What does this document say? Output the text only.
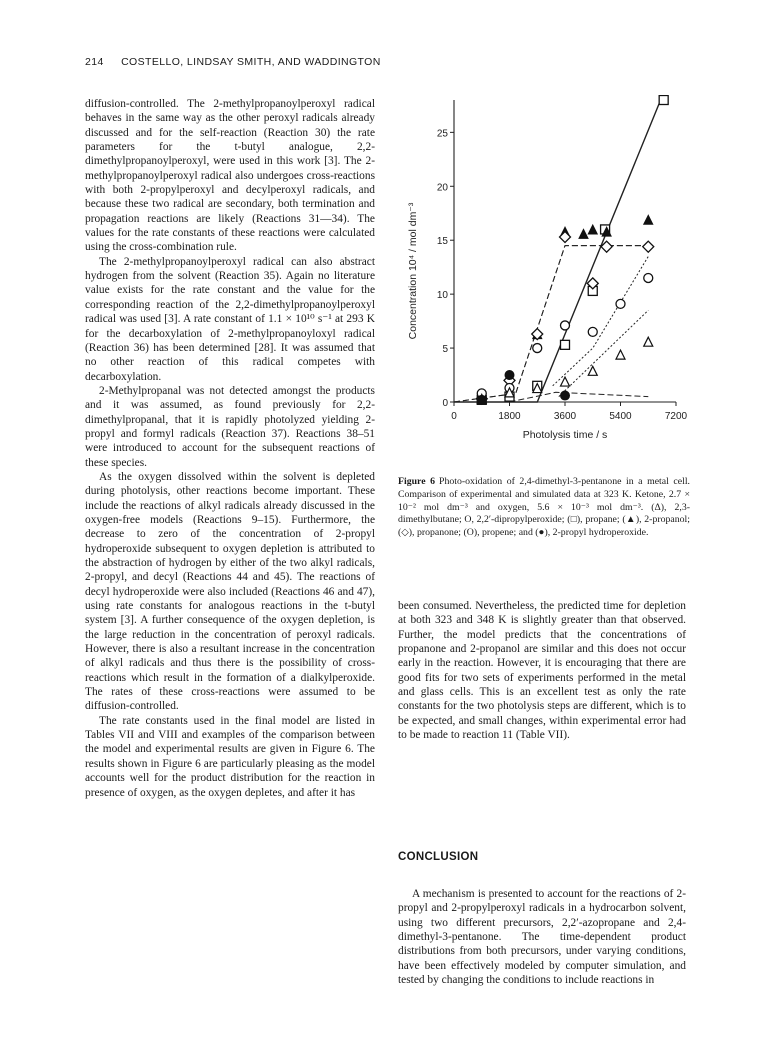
214 COSTELLO, LINDSAY SMITH, AND WADDINGTON

diffusion-controlled. The 2-methylpropanoylperoxyl radical behaves in the same way as the other peroxyl radicals already discussed and for the self-reaction (Reaction 30) the rate parameters for the t-butyl analogue, 2,2-dimethylpropanoylperoxyl, were used in this work [3]. The 2-methylpropanoylperoxyl radical also undergoes cross-reactions with both 2-propylperoxyl and decylperoxyl radicals, and because these two radical are secondary, both termination and propagation reactions are likely (Reactions 31—34). The values for the rate constants of these reactions were calculated using the cross-combination rule.

The 2-methylpropanoylperoxyl radical can also abstract hydrogen from the solvent (Reaction 35). Again no literature value exists for the rate constant and the value for the corresponding reaction of the 2,2-dimethylpropanoylperoxyl radical was used [3]. A rate constant of 1.1 × 10¹⁰ s⁻¹ at 293 K for the decarboxylation of 2-methylpropanoyloxyl radical (Reaction 36) has been determined [28]. It was assumed that no other reaction of this radical competes with decarboxylation.

2-Methylpropanal was not detected amongst the products and it was assumed, as found previously for 2,2-dimethylpropanal, that it is rapidly photolyzed yielding 2-propyl and formyl radicals (Reaction 37). Reactions 38–51 were introduced to account for the subsequent reactions of these species.

As the oxygen dissolved within the solvent is depleted during photolysis, other reactions become important. These include the reactions of alkyl radicals already discussed in the oxygen-free models (Reactions 9–15). Furthermore, the decrease to zero of the concentration of 2-propyl hydroperoxide subsequent to oxygen depletion is attributed to the abstraction of hydrogen by either of the two alkyl radicals, 2-propyl, and decyl (Reactions 44 and 45). The reactions of decyl hydroperoxide were also included (Reactions 46 and 47), using rate constants for analogous reactions in the t-butyl system [3]. A further consequence of the oxygen depletion, is the large reduction in the concentration of peroxyl radicals. However, there is also a resultant increase in the concentration of alkyl radicals and thus there is the possibility of cross-reactions which result in the formation of a dialkylperoxide. The rates of these cross-reactions were assumed to be diffusion-controlled.

The rate constants used in the final model are listed in Tables VII and VIII and examples of the comparison between the model and experimental results are given in Figure 6. The results shown in Figure 6 are particularly pleasing as the model accounts well for the product distribution for the reaction in presence of oxygen, as the oxygen depletes, and after it has

0
5
10
15
20
25
0	1800	3600	5400	7200
Photolysis time / s
Concentration 10⁴ / mol dm⁻³
Figure 6 Photo-oxidation of 2,4-dimethyl-3-pentanone in a metal cell. Comparison of experimental and simulated data at 323 K. Ketone, 2.7 × 10⁻² mol dm⁻³ and oxygen, 5.6 × 10⁻³ mol dm⁻³. (Δ), 2,3-dimethylbutane; O, 2,2′-dipropylperoxide; (□), propane; (▲), 2-propanol; (◇), propanone; (O), propene; and (●), 2-propyl hydroperoxide.

been consumed. Nevertheless, the predicted time for depletion at both 323 and 348 K is slightly greater than that observed. Further, the model predicts that the concentrations of propanone and 2-propanol are similar and this does not occur early in the reaction. However, it is encouraging that there are good fits for two sets of experiments performed in the metal and glass cells. This is an excellent test as only the rate constants for the two photolysis steps are different, which is to be expected, and small changes, within experimental error had to be made to reaction 11 (Table VII).

CONCLUSION

A mechanism is presented to account for the reactions of 2-propyl and 2-propylperoxyl radicals in a hydrocarbon solvent, using two different precursors, 2,2′-azopropane and 2,4-dimethyl-3-pentanone. The time-dependent product distributions from both precursors, under varying conditions, have been effectively modeled by computer simulation, and tested by changing the conditions to include reactions in
